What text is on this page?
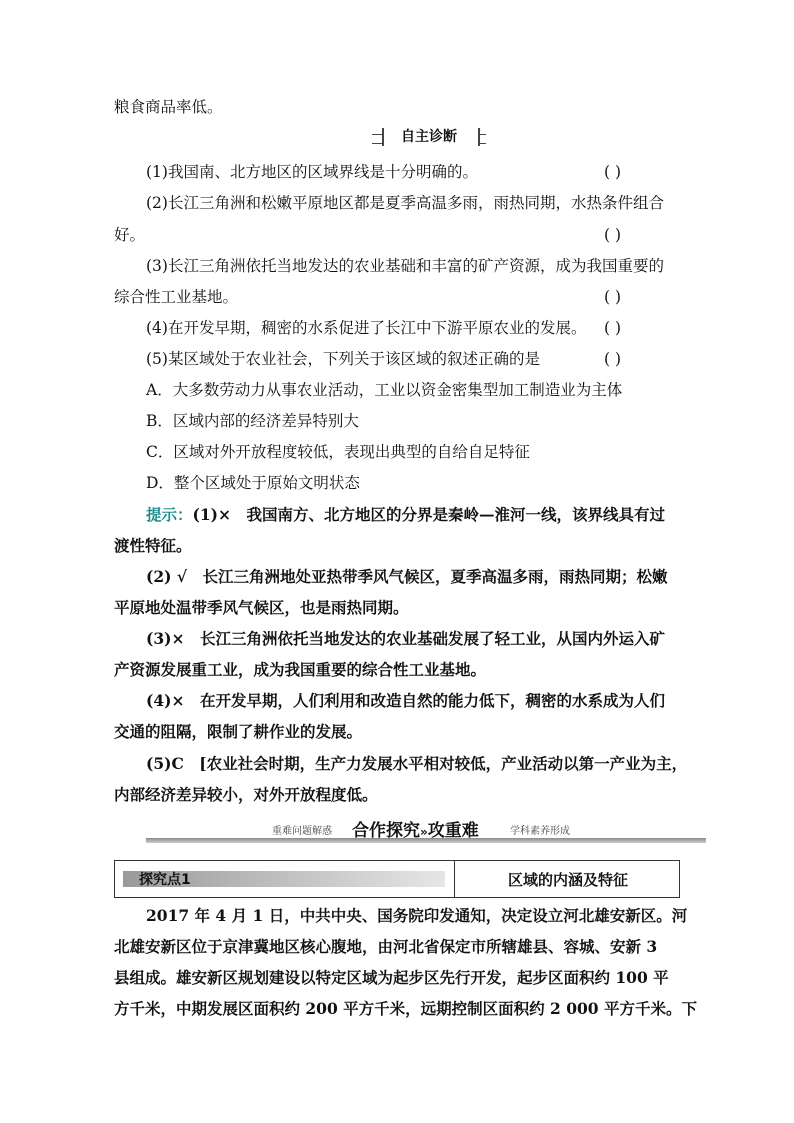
粮食商品率低。
自主诊断
(1)我国南、北方地区的区域界线是十分明确的。	( )
(2)长江三角洲和松嫩平原地区都是夏季高温多雨，雨热同期，水热条件组合
好。	( )
(3)长江三角洲依托当地发达的农业基础和丰富的矿产资源，成为我国重要的
综合性工业基地。	( )
(4)在开发早期，稠密的水系促进了长江中下游平原农业的发展。 ( )
(5)某区域处于农业社会，下列关于该区域的叙述正确的是	( )
A．大多数劳动力从事农业活动，工业以资金密集型加工制造业为主体
B．区域内部的经济差异特别大
C．区域对外开放程度较低，表现出典型的自给自足特征
D．整个区域处于原始文明状态
提示：(1)×　我国南方、北方地区的分界是秦岭—淮河一线，该界线具有过
渡性特征。
(2) √　长江三角洲地处亚热带季风气候区，夏季高温多雨，雨热同期；松嫩
平原地处温带季风气候区，也是雨热同期。
(3)×　长江三角洲依托当地发达的农业基础发展了轻工业，从国内外运入矿
产资源发展重工业，成为我国重要的综合性工业基地。
(4)×　在开发早期，人们利用和改造自然的能力低下，稠密的水系成为人们
交通的阻隔，限制了耕作业的发展。
(5)C　[农业社会时期，生产力发展水平相对较低，产业活动以第一产业为主，
内部经济差异较小，对外开放程度低。
重难问题解惑 合作探究»攻重难	学科素养形成
探究点1	区域的内涵及特征
2017 年 4 月 1 日，中共中央、国务院印发通知，决定设立河北雄安新区。河
北雄安新区位于京津冀地区核心腹地，由河北省保定市所辖雄县、容城、安新 3
县组成。雄安新区规划建设以特定区域为起步区先行开发，起步区面积约 100 平
方千米，中期发展区面积约 200 平方千米，远期控制区面积约 2 000 平方千米。下
